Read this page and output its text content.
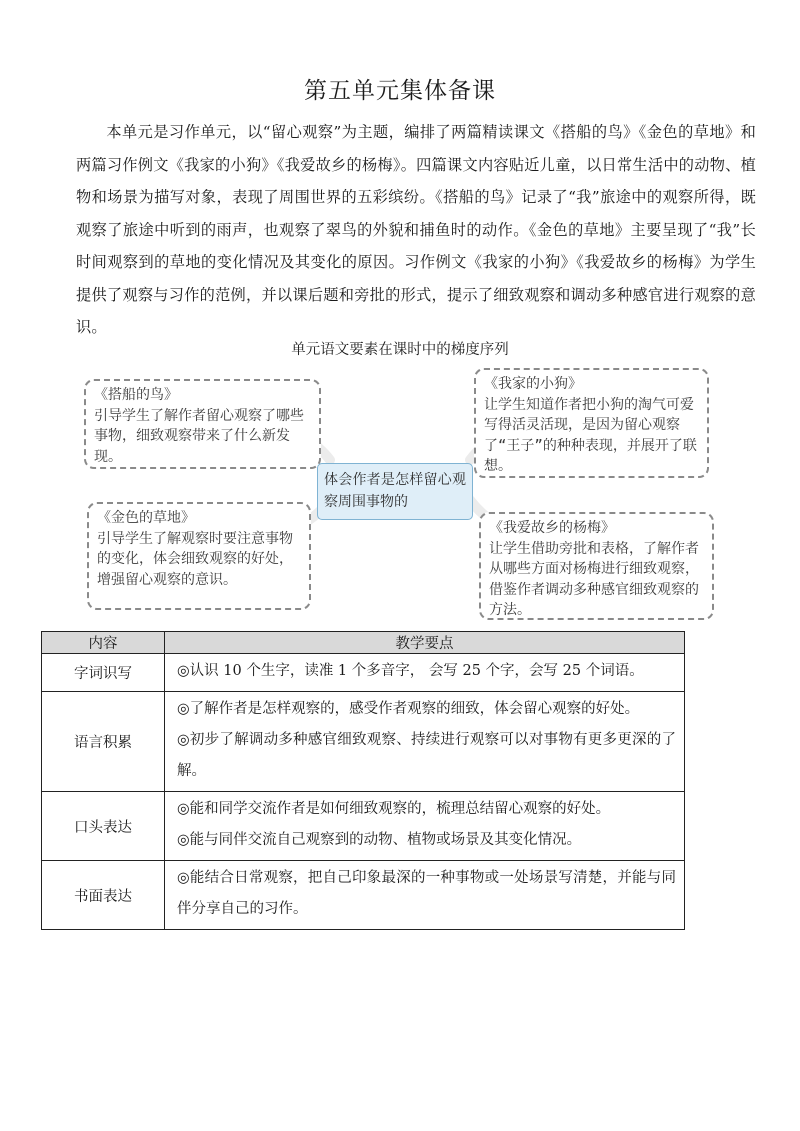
第五单元集体备课

本单元是习作单元，以“留心观察”为主题，编排了两篇精读课文《搭船的鸟》《金色的草地》和两篇习作例文《我家的小狗》《我爱故乡的杨梅》。四篇课文内容贴近儿童，以日常生活中的动物、植物和场景为描写对象，表现了周围世界的五彩缤纷。《搭船的鸟》记录了“我”旅途中的观察所得，既观察了旅途中听到的雨声，也观察了翠鸟的外貌和捕鱼时的动作。《金色的草地》主要呈现了“我”长时间观察到的草地的变化情况及其变化的原因。习作例文《我家的小狗》《我爱故乡的杨梅》为学生提供了观察与习作的范例，并以课后题和旁批的形式，提示了细致观察和调动多种感官进行观察的意识。

单元语文要素在课时中的梯度序列
《搭船的鸟》
引导学生了解作者留心观察了哪些事物，细致观察带来了什么新发现。
《我家的小狗》
让学生知道作者把小狗的淘气可爱写得活灵活现，是因为留心观察了“王子”的种种表现，并展开了联想。
体会作者是怎样留心观察周围事物的
《金色的草地》
引导学生了解观察时要注意事物的变化，体会细致观察的好处，增强留心观察的意识。
《我爱故乡的杨梅》
让学生借助旁批和表格，了解作者从哪些方面对杨梅进行细致观察，借鉴作者调动多种感官细致观察的方法。
内容	教学要点
字词识写	◎认识 10 个生字，读准 1 个多音字， 会写 25 个字，会写 25 个词语。

语言积累	◎了解作者是怎样观察的，感受作者观察的细致，体会留心观察的好处。
◎初步了解调动多种感官细致观察、持续进行观察可以对事物有更多更深的了解。

口头表达	◎能和同学交流作者是如何细致观察的，梳理总结留心观察的好处。
◎能与同伴交流自己观察到的动物、植物或场景及其变化情况。

书面表达	◎能结合日常观察，把自己印象最深的一种事物或一处场景写清楚，并能与同伴分享自己的习作。
